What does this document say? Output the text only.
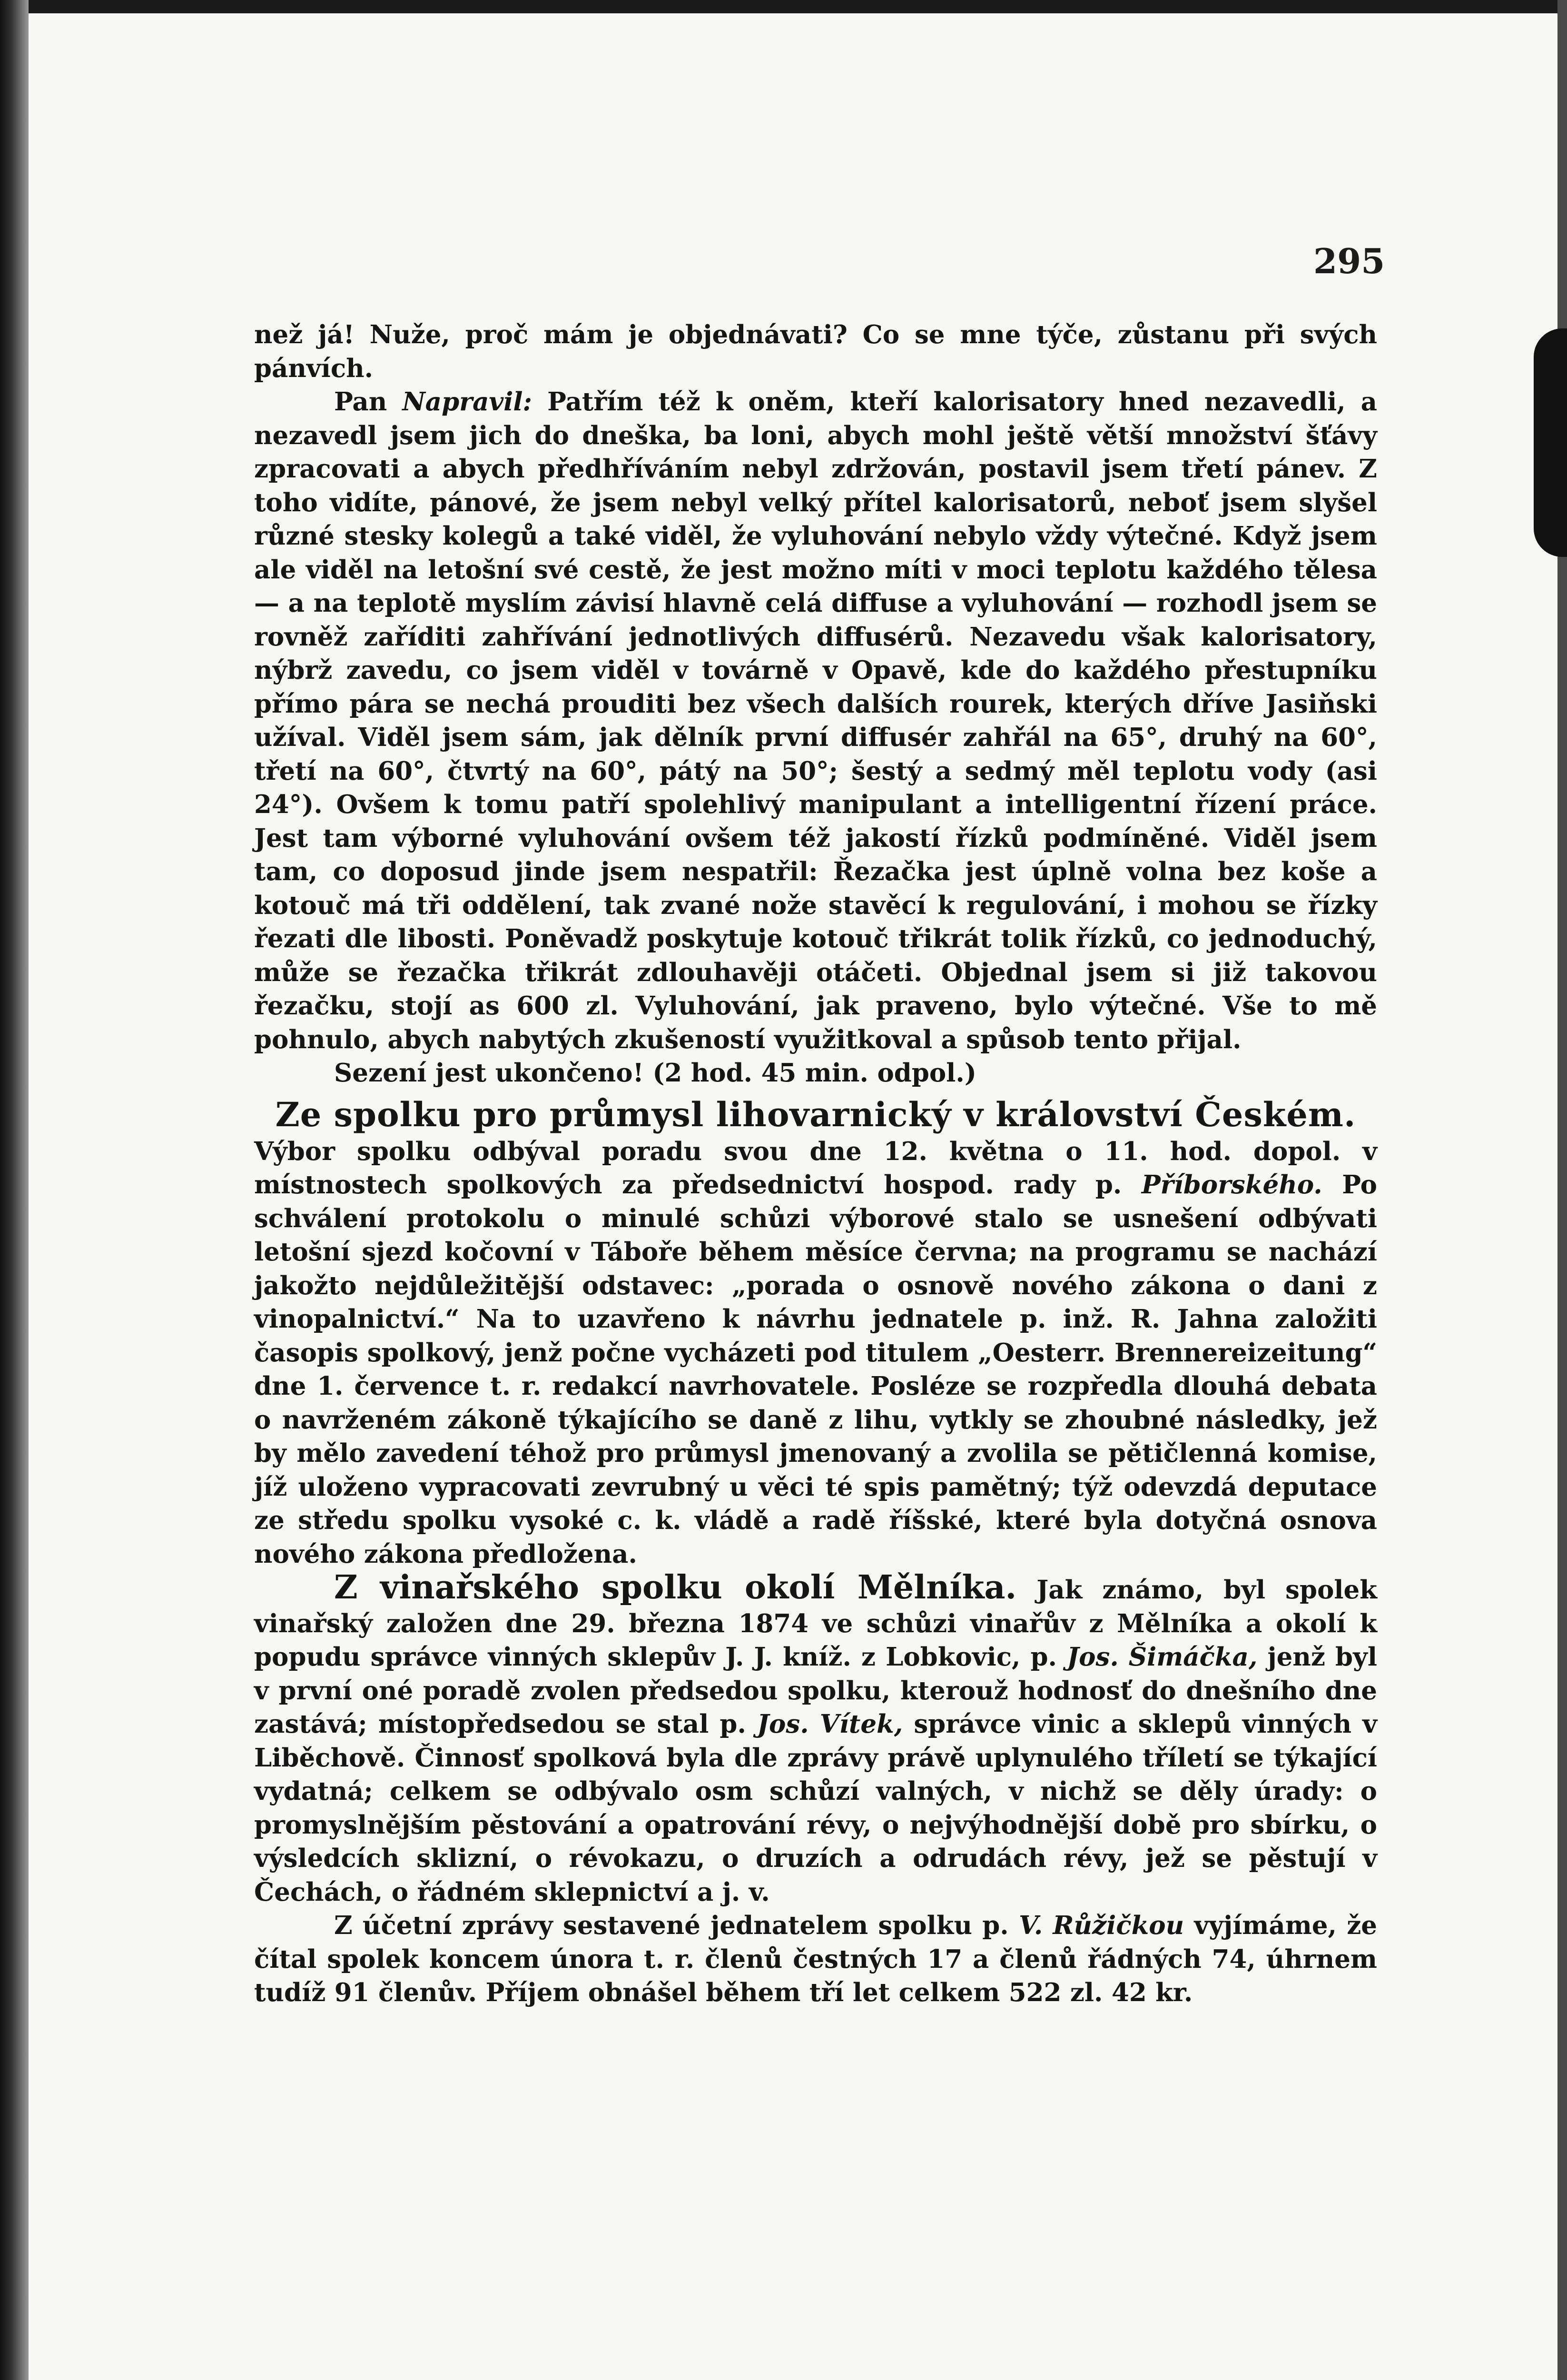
295

než já! Nuže, proč mám je objednávati? Co se mne týče, zůstanu při svých pánvích.

Pan Napravil: Patřím též k oněm, kteří kalorisatory hned nezavedli, a nezavedl jsem jich do dneška, ba loni, abych mohl ještě větší množství šťávy zpracovati a abych předhříváním nebyl zdržován, postavil jsem třetí pánev. Z toho vidíte, pánové, že jsem nebyl velký přítel kalorisatorů, neboť jsem slyšel různé stesky kolegů a také viděl, že vyluhování nebylo vždy výtečné. Když jsem ale viděl na letošní své cestě, že jest možno míti v moci teplotu každého tělesa — a na teplotě myslím závisí hlavně celá diffuse a vyluhování — rozhodl jsem se rovněž zaříditi zahřívání jednotlivých diffusérů. Nezavedu však kalorisatory, nýbrž zavedu, co jsem viděl v továrně v Opavě, kde do každého přestupníku přímo pára se nechá prouditi bez všech dalších rourek, kterých dříve Jasiňski užíval. Viděl jsem sám, jak dělník první diffusér zahřál na 65°, druhý na 60°, třetí na 60°, čtvrtý na 60°, pátý na 50°; šestý a sedmý měl teplotu vody (asi 24°). Ovšem k tomu patří spolehlivý manipulant a intelligentní řízení práce. Jest tam výborné vyluhování ovšem též jakostí řízků podmíněné. Viděl jsem tam, co doposud jinde jsem nespatřil: Řezačka jest úplně volna bez koše a kotouč má tři oddělení, tak zvané nože stavěcí k regulování, i mohou se řízky řezati dle libosti. Poněvadž poskytuje kotouč třikrát tolik řízků, co jednoduchý, může se řezačka třikrát zdlouhavěji otáčeti. Objednal jsem si již takovou řezačku, stojí as 600 zl. Vyluhování, jak praveno, bylo výtečné. Vše to mě pohnulo, abych nabytých zkušeností využitkoval a spůsob tento přijal.

Sezení jest ukončeno! (2 hod. 45 min. odpol.)

Ze spolku pro průmysl lihovarnický v království Českém.

Výbor spolku odbýval poradu svou dne 12. května o 11. hod. dopol. v místnostech spolkových za předsednictví hospod. rady p. Příborského. Po schválení protokolu o minulé schůzi výborové stalo se usnešení odbývati letošní sjezd kočovní v Táboře během měsíce června; na programu se nachází jakožto nejdůležitější odstavec: „porada o osnově nového zákona o dani z vinopalnictví.“ Na to uzavřeno k návrhu jednatele p. inž. R. Jahna založiti časopis spolkový, jenž počne vycházeti pod titulem „Oesterr. Brennereizeitung“ dne 1. července t. r. redakcí navrhovatele. Posléze se rozpředla dlouhá debata o navrženém zákoně týkajícího se daně z lihu, vytkly se zhoubné následky, jež by mělo zavedení téhož pro průmysl jmenovaný a zvolila se pětičlenná komise, jíž uloženo vypracovati zevrubný u věci té spis pamětný; týž odevzdá deputace ze středu spolku vysoké c. k. vládě a radě říšské, které byla dotyčná osnova nového zákona předložena.

Z vinařského spolku okolí Mělníka. Jak známo, byl spolek vinařský založen dne 29. března 1874 ve schůzi vinařův z Mělníka a okolí k popudu správce vinných sklepův J. J. kníž. z Lobkovic, p. Jos. Šimáčka, jenž byl v první oné poradě zvolen předsedou spolku, kterouž hodnosť do dnešního dne zastává; místopředsedou se stal p. Jos. Vítek, správce vinic a sklepů vinných v Liběchově. Činnosť spolková byla dle zprávy právě uplynulého tříletí se týkající vydatná; celkem se odbývalo osm schůzí valných, v nichž se děly úrady: o promyslnějším pěstování a opatrování révy, o nejvýhodnější době pro sbírku, o výsledcích sklizní, o révokazu, o druzích a odrudách révy, jež se pěstují v Čechách, o řádném sklepnictví a j. v.

Z účetní zprávy sestavené jednatelem spolku p. V. Růžičkou vyjímáme, že čítal spolek koncem února t. r. členů čestných 17 a členů řádných 74, úhrnem tudíž 91 členův. Příjem obnášel během tří let celkem 522 zl. 42 kr.
